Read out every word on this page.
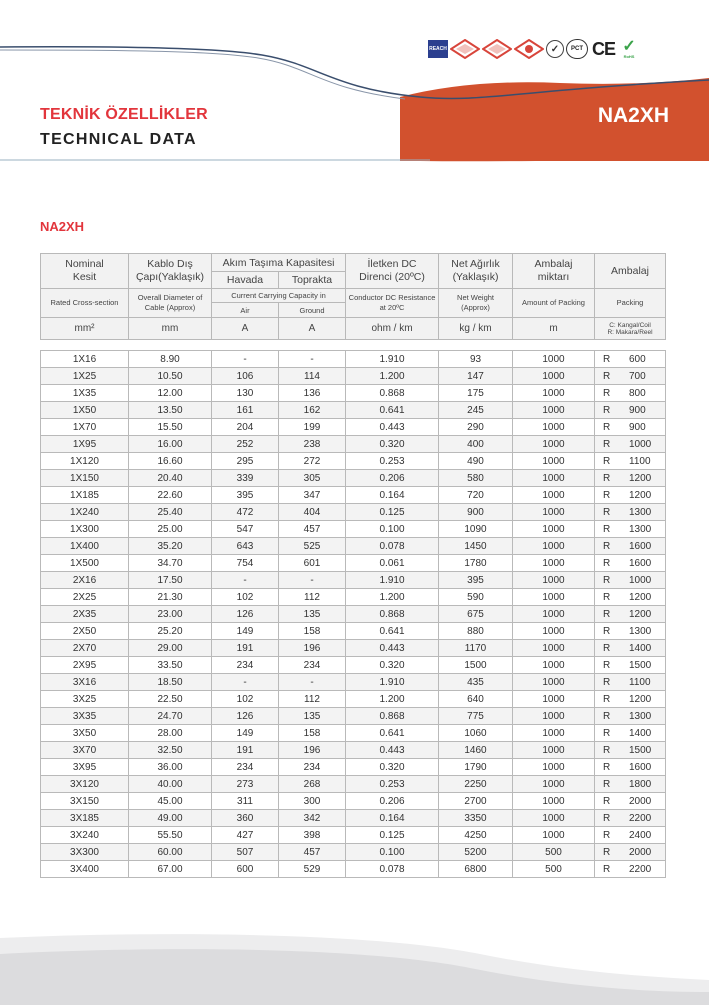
TEKNİK ÖZELLİKLER
TECHNICAL DATA
NA2XH
REACH	✓ PCT CE ✓
RoHS
NA2XH
Nominal Kesit	Kablo Dış Çapı(Yaklaşık)	Akım Taşıma Kapasitesi		İletken DC Direnci (20ºC)	Net Ağırlık (Yaklaşık)	Ambalaj miktarı	Ambalaj
		Havada	Toprakta				

Rated Cross-section	Overall Diameter of Cable (Approx)	Current Carrying Capacity in		Conductor DC Resistance at 20ºC	Net Weight (Approx)	Amount of Packing	Packing
		Air	Ground				
mm²	mm	A	A	ohm / km	kg / km	m	C: Kangal/Coil
R: Makara/Reel
1X16	8.90	-	-	1.910	93	1000	R 600
1X25	10.50	106	114	1.200	147	1000	R 700
1X35	12.00	130	136	0.868	175	1000	R 800
1X50	13.50	161	162	0.641	245	1000	R 900
1X70	15.50	204	199	0.443	290	1000	R 900
1X95	16.00	252	238	0.320	400	1000	R 1000
1X120	16.60	295	272	0.253	490	1000	R 1100
1X150	20.40	339	305	0.206	580	1000	R 1200
1X185	22.60	395	347	0.164	720	1000	R 1200
1X240	25.40	472	404	0.125	900	1000	R 1300
1X300	25.00	547	457	0.100	1090	1000	R 1300
1X400	35.20	643	525	0.078	1450	1000	R 1600
1X500	34.70	754	601	0.061	1780	1000	R 1600
2X16	17.50	-	-	1.910	395	1000	R 1000
2X25	21.30	102	112	1.200	590	1000	R 1200
2X35	23.00	126	135	0.868	675	1000	R 1200
2X50	25.20	149	158	0.641	880	1000	R 1300
2X70	29.00	191	196	0.443	1170	1000	R 1400
2X95	33.50	234	234	0.320	1500	1000	R 1500
3X16	18.50	-	-	1.910	435	1000	R 1100
3X25	22.50	102	112	1.200	640	1000	R 1200
3X35	24.70	126	135	0.868	775	1000	R 1300
3X50	28.00	149	158	0.641	1060	1000	R 1400
3X70	32.50	191	196	0.443	1460	1000	R 1500
3X95	36.00	234	234	0.320	1790	1000	R 1600
3X120	40.00	273	268	0.253	2250	1000	R 1800
3X150	45.00	311	300	0.206	2700	1000	R 2000
3X185	49.00	360	342	0.164	3350	1000	R 2200
3X240	55.50	427	398	0.125	4250	1000	R 2400
3X300	60.00	507	457	0.100	5200	500	R 2000
3X400	67.00	600	529	0.078	6800	500	R 2200
